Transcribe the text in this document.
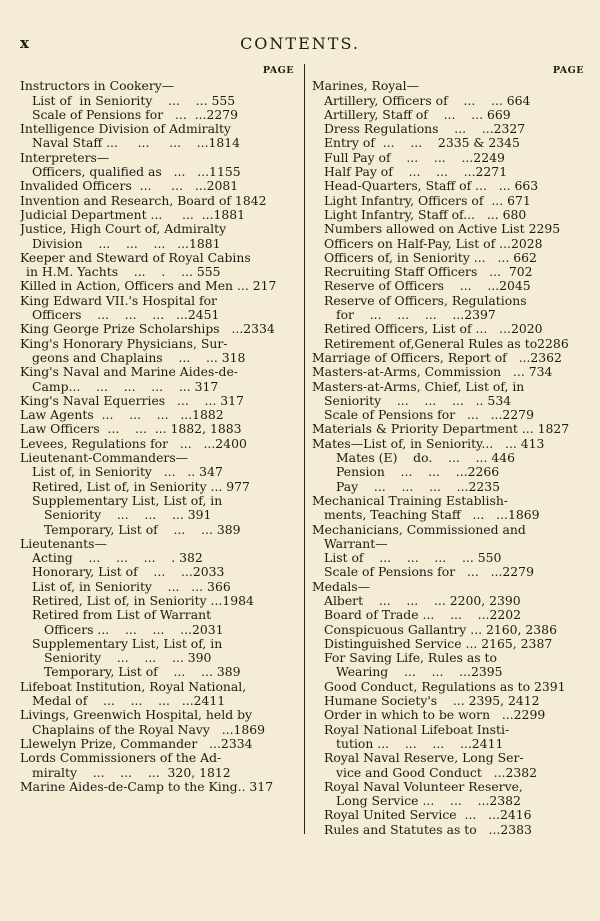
x	CONTENTS.
PAGE
Instructors in Cookery—
List of  in Seniority    ...    ... 555
Scale of Pensions for   ...  ...2279
Intelligence Division of Admiralty
Naval Staff ...     ...     ...    ...1814
Interpreters—
Officers, qualified as   ...   ...1155
Invalided Officers  ...     ...   ...2081
Invention and Research, Board of 1842
Judicial Department ...     ...  ...1881
Justice, High Court of, Admiralty
Division    ...    ...    ...   ...1881
Keeper and Steward of Royal Cabins
in H.M. Yachts    ...    .    ... 555
Killed in Action, Officers and Men ... 217
King Edward VII.'s Hospital for
Officers    ...    ...    ...   ...2451
King George Prize Scholarships   ...2334
King's Honorary Physicians, Sur-
geons and Chaplains    ...    ... 318
King's Naval and Marine Aides-de-
Camp...    ...    ...    ...    ... 317
King's Naval Equerries   ...    ... 317
Law Agents  ...    ...    ...   ...1882
Law Officers  ...    ...  ... 1882, 1883
Levees, Regulations for   ...   ...2400
Lieutenant-Commanders—
List of, in Seniority   ...   .. 347
Retired, List of, in Seniority ... 977
Supplementary List, List of, in
Seniority    ...    ...    ... 391
Temporary, List of    ...    ... 389
Lieutenants—
Acting    ...    ...    ...    . 382
Honorary, List of    ...    ...2033
List of, in Seniority    ...   ... 366
Retired, List of, in Seniority ...1984
Retired from List of Warrant
Officers ...    ...    ...    ...2031
Supplementary List, List of, in
Seniority    ...    ...    ... 390
Temporary, List of    ...    ... 389
Lifeboat Institution, Royal National,
Medal of    ...    ...    ...   ...2411
Livings, Greenwich Hospital, held by
Chaplains of the Royal Navy   ...1869
Llewelyn Prize, Commander   ...2334
Lords Commissioners of the Ad-
miralty    ...    ...    ...  320, 1812
Marine Aides-de-Camp to the King.. 317
PAGE
Marines, Royal—
Artillery, Officers of    ...    ... 664
Artillery, Staff of    ...    ... 669
Dress Regulations    ...    ...2327
Entry of  ...    ...    2335 & 2345
Full Pay of    ...    ...    ...2249
Half Pay of    ...    ...    ...2271
Head-Quarters, Staff of ...   ... 663
Light Infantry, Officers of  ... 671
Light Infantry, Staff of...   ... 680
Numbers allowed on Active List 2295
Officers on Half-Pay, List of ...2028
Officers of, in Seniority ...   ... 662
Recruiting Staff Officers   ...  702
Reserve of Officers    ...    ...2045
Reserve of Officers, Regulations
for    ...    ...    ...    ...2397
Retired Officers, List of ...   ...2020
Retirement of,General Rules as to2286
Marriage of Officers, Report of   ...2362
Masters-at-Arms, Commission   ... 734
Masters-at-Arms, Chief, List of, in
Seniority    ...    ...    ...   .. 534
Scale of Pensions for   ...   ...2279
Materials & Priority Department ... 1827
Mates—List of, in Seniority...   ... 413
Mates (E)    do.    ...    ... 446
Pension    ...    ...    ...2266
Pay    ...    ...    ...    ...2235
Mechanical Training Establish-
ments, Teaching Staff   ...   ...1869
Mechanicians, Commissioned and
Warrant—
List of    ...    ...    ...    ... 550
Scale of Pensions for   ...   ...2279
Medals—
Albert    ...    ...    ... 2200, 2390
Board of Trade ...    ...    ...2202
Conspicuous Gallantry ... 2160, 2386
Distinguished Service ... 2165, 2387
For Saving Life, Rules as to
Wearing    ...    ...    ...2395
Good Conduct, Regulations as to 2391
Humane Society's    ... 2395, 2412
Order in which to be worn   ...2299
Royal National Lifeboat Insti-
tution ...    ...    ...    ...2411
Royal Naval Reserve, Long Ser-
vice and Good Conduct   ...2382
Royal Naval Volunteer Reserve,
Long Service ...    ...    ...2382
Royal United Service  ...   ...2416
Rules and Statutes as to   ...2383
